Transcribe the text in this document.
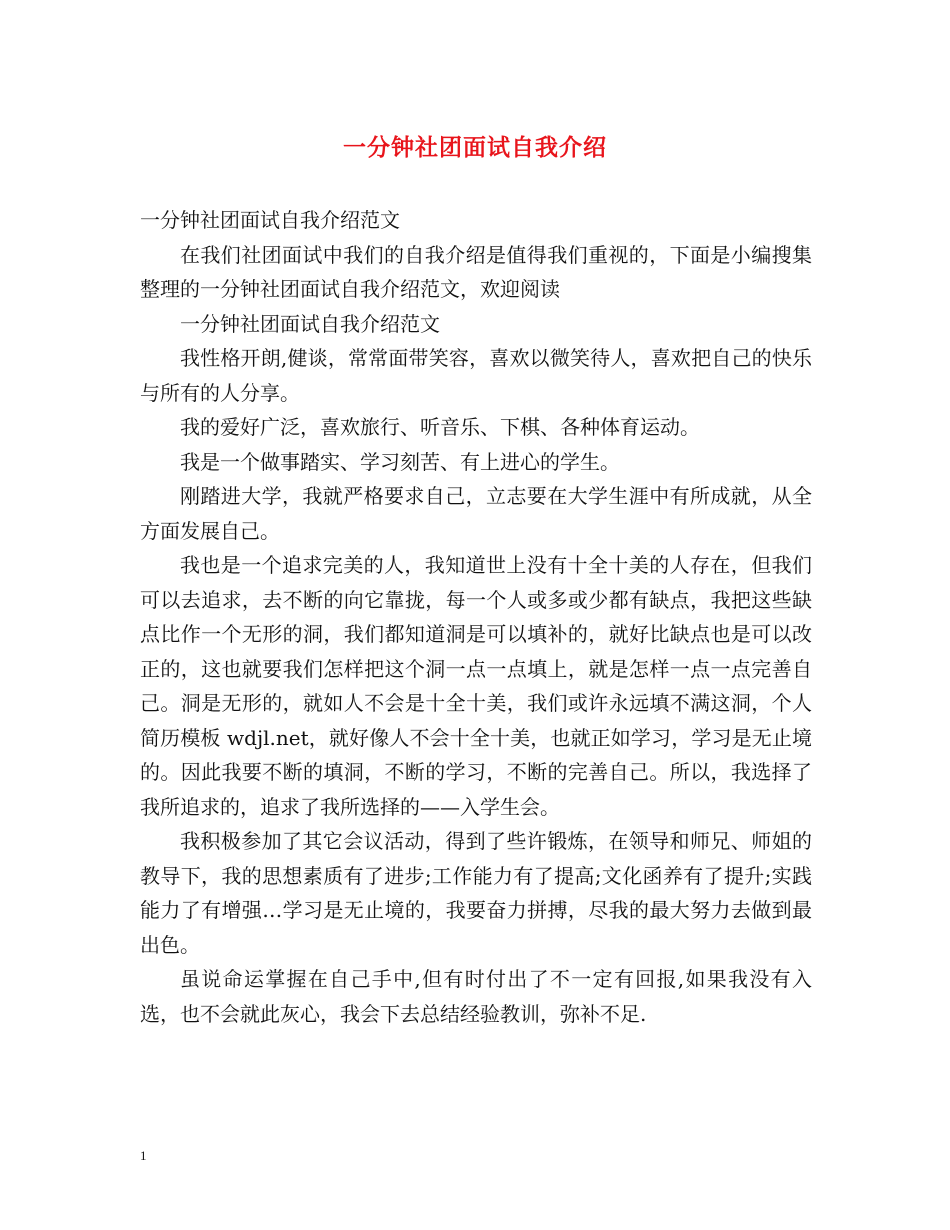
一分钟社团面试自我介绍

一分钟社团面试自我介绍范文

在我们社团面试中我们的自我介绍是值得我们重视的，下面是小编搜集整理的一分钟社团面试自我介绍范文，欢迎阅读

一分钟社团面试自我介绍范文

我性格开朗,健谈，常常面带笑容，喜欢以微笑待人，喜欢把自己的快乐与所有的人分享。

我的爱好广泛，喜欢旅行、听音乐、下棋、各种体育运动。

我是一个做事踏实、学习刻苦、有上进心的学生。

刚踏进大学，我就严格要求自己，立志要在大学生涯中有所成就，从全方面发展自己。

我也是一个追求完美的人，我知道世上没有十全十美的人存在，但我们可以去追求，去不断的向它靠拢，每一个人或多或少都有缺点，我把这些缺点比作一个无形的洞，我们都知道洞是可以填补的，就好比缺点也是可以改正的，这也就要我们怎样把这个洞一点一点填上，就是怎样一点一点完善自己。洞是无形的，就如人不会是十全十美，我们或许永远填不满这洞，个人简历模板 wdjl.net，就好像人不会十全十美，也就正如学习，学习是无止境的。因此我要不断的填洞，不断的学习，不断的完善自己。所以，我选择了我所追求的，追求了我所选择的——入学生会。

我积极参加了其它会议活动，得到了些许锻炼，在领导和师兄、师姐的教导下，我的思想素质有了进步;工作能力有了提高;文化函养有了提升;实践能力了有增强…学习是无止境的，我要奋力拼搏，尽我的最大努力去做到最出色。

虽说命运掌握在自己手中,但有时付出了不一定有回报,如果我没有入选，也不会就此灰心，我会下去总结经验教训，弥补不足.

1
